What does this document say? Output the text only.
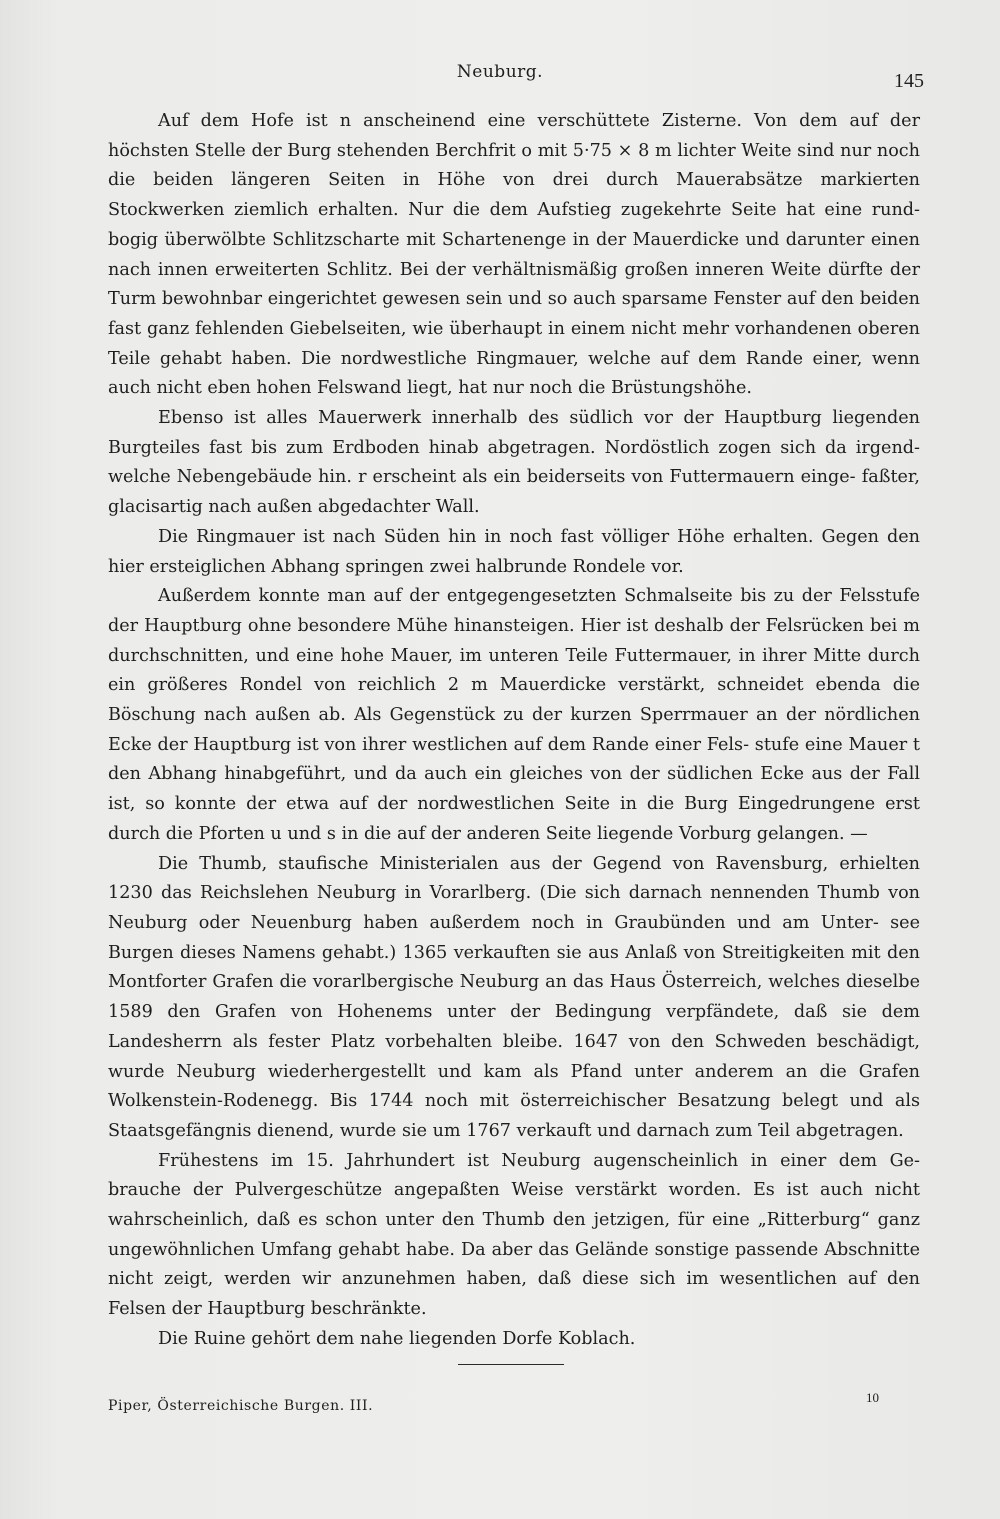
Neuburg.	145

Auf dem Hofe ist n anscheinend eine verschüttete Zisterne. Von dem auf der höchsten Stelle der Burg stehenden Berchfrit o mit 5·75 × 8 m lichter Weite sind nur noch die beiden längeren Seiten in Höhe von drei durch Mauerabsätze markierten Stockwerken ziemlich erhalten. Nur die dem Aufstieg zugekehrte Seite hat eine rund- bogig überwölbte Schlitzscharte mit Schartenenge in der Mauerdicke und darunter einen nach innen erweiterten Schlitz. Bei der verhältnismäßig großen inneren Weite dürfte der Turm bewohnbar eingerichtet gewesen sein und so auch sparsame Fenster auf den beiden fast ganz fehlenden Giebelseiten, wie überhaupt in einem nicht mehr vorhandenen oberen Teile gehabt haben. Die nordwestliche Ringmauer, welche auf dem Rande einer, wenn auch nicht eben hohen Felswand liegt, hat nur noch die Brüstungshöhe.

Ebenso ist alles Mauerwerk innerhalb des südlich vor der Hauptburg liegenden Burgteiles fast bis zum Erdboden hinab abgetragen. Nordöstlich zogen sich da irgend- welche Nebengebäude hin. r erscheint als ein beiderseits von Futtermauern einge- faßter, glacisartig nach außen abgedachter Wall.

Die Ringmauer ist nach Süden hin in noch fast völliger Höhe erhalten. Gegen den hier ersteiglichen Abhang springen zwei halbrunde Rondele vor.

Außerdem konnte man auf der entgegengesetzten Schmalseite bis zu der Felsstufe der Hauptburg ohne besondere Mühe hinansteigen. Hier ist deshalb der Felsrücken bei m durchschnitten, und eine hohe Mauer, im unteren Teile Futtermauer, in ihrer Mitte durch ein größeres Rondel von reichlich 2 m Mauerdicke verstärkt, schneidet ebenda die Böschung nach außen ab. Als Gegenstück zu der kurzen Sperrmauer an der nördlichen Ecke der Hauptburg ist von ihrer westlichen auf dem Rande einer Fels- stufe eine Mauer t den Abhang hinabgeführt, und da auch ein gleiches von der südlichen Ecke aus der Fall ist, so konnte der etwa auf der nordwestlichen Seite in die Burg Eingedrungene erst durch die Pforten u und s in die auf der anderen Seite liegende Vorburg gelangen. —

Die Thumb, staufische Ministerialen aus der Gegend von Ravensburg, erhielten 1230 das Reichslehen Neuburg in Vorarlberg. (Die sich darnach nennenden Thumb von Neuburg oder Neuenburg haben außerdem noch in Graubünden und am Unter- see Burgen dieses Namens gehabt.) 1365 verkauften sie aus Anlaß von Streitigkeiten mit den Montforter Grafen die vorarlbergische Neuburg an das Haus Österreich, welches dieselbe 1589 den Grafen von Hohenems unter der Bedingung verpfändete, daß sie dem Landesherrn als fester Platz vorbehalten bleibe. 1647 von den Schweden beschädigt, wurde Neuburg wiederhergestellt und kam als Pfand unter anderem an die Grafen Wolkenstein-Rodenegg. Bis 1744 noch mit österreichischer Besatzung belegt und als Staatsgefängnis dienend, wurde sie um 1767 verkauft und darnach zum Teil abgetragen.

Frühestens im 15. Jahrhundert ist Neuburg augenscheinlich in einer dem Ge- brauche der Pulvergeschütze angepaßten Weise verstärkt worden. Es ist auch nicht wahrscheinlich, daß es schon unter den Thumb den jetzigen, für eine „Ritterburg“ ganz ungewöhnlichen Umfang gehabt habe. Da aber das Gelände sonstige passende Abschnitte nicht zeigt, werden wir anzunehmen haben, daß diese sich im wesentlichen auf den Felsen der Hauptburg beschränkte.

Die Ruine gehört dem nahe liegenden Dorfe Koblach.

Piper, Österreichische Burgen. III.
10
